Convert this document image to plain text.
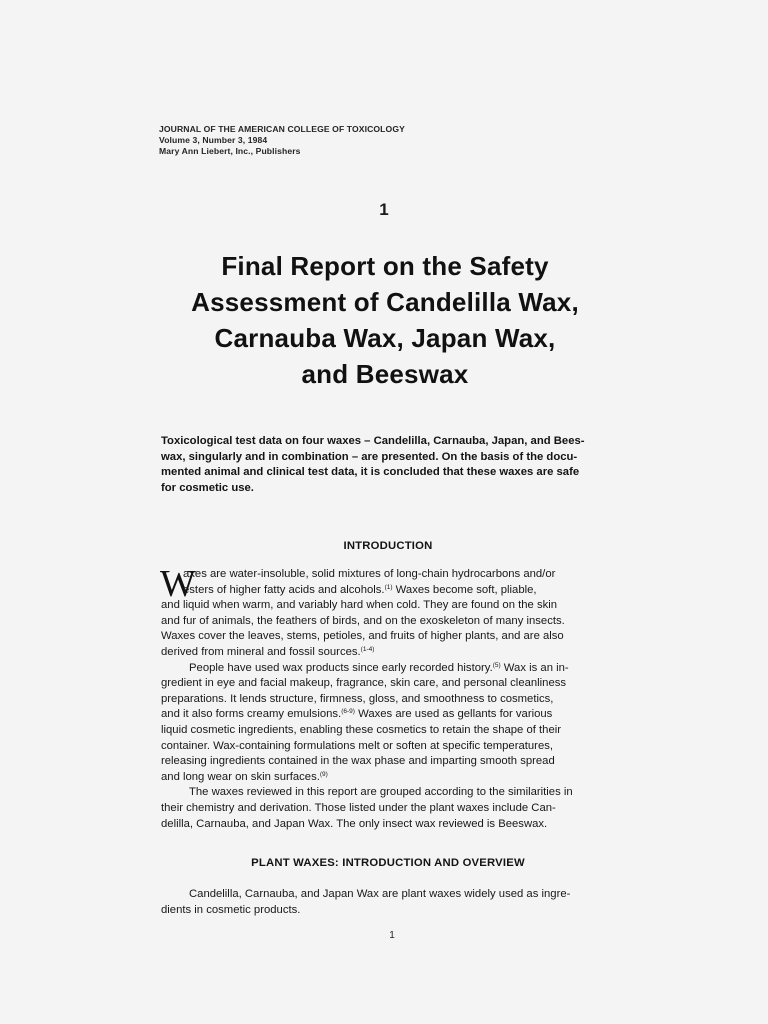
JOURNAL OF THE AMERICAN COLLEGE OF TOXICOLOGY
Volume 3, Number 3, 1984
Mary Ann Liebert, Inc., Publishers
1
Final Report on the Safety
Assessment of Candelilla Wax,
Carnauba Wax, Japan Wax,
and Beeswax
Toxicological test data on four waxes – Candelilla, Carnauba, Japan, and Bees-
wax, singularly and in combination – are presented. On the basis of the docu-
mented animal and clinical test data, it is concluded that these waxes are safe
for cosmetic use.
INTRODUCTION
W
axes are water-insoluble, solid mixtures of long-chain hydrocarbons and/or
esters of higher fatty acids and alcohols.$^{(1)}$ Waxes become soft, pliable,
and liquid when warm, and variably hard when cold. They are found on the skin
and fur of animals, the feathers of birds, and on the exoskeleton of many insects.
Waxes cover the leaves, stems, petioles, and fruits of higher plants, and are also
derived from mineral and fossil sources.$^{(1-4)}$
People have used wax products since early recorded history.$^{(5)}$ Wax is an in-
gredient in eye and facial makeup, fragrance, skin care, and personal cleanliness
preparations. It lends structure, firmness, gloss, and smoothness to cosmetics,
and it also forms creamy emulsions.$^{(6-9)}$ Waxes are used as gellants for various
liquid cosmetic ingredients, enabling these cosmetics to retain the shape of their
container. Wax-containing formulations melt or soften at specific temperatures,
releasing ingredients contained in the wax phase and imparting smooth spread
and long wear on skin surfaces.$^{(9)}$
The waxes reviewed in this report are grouped according to the similarities in
their chemistry and derivation. Those listed under the plant waxes include Can-
delilla, Carnauba, and Japan Wax. The only insect wax reviewed is Beeswax.
PLANT WAXES: INTRODUCTION AND OVERVIEW
Candelilla, Carnauba, and Japan Wax are plant waxes widely used as ingre-
dients in cosmetic products.
1
